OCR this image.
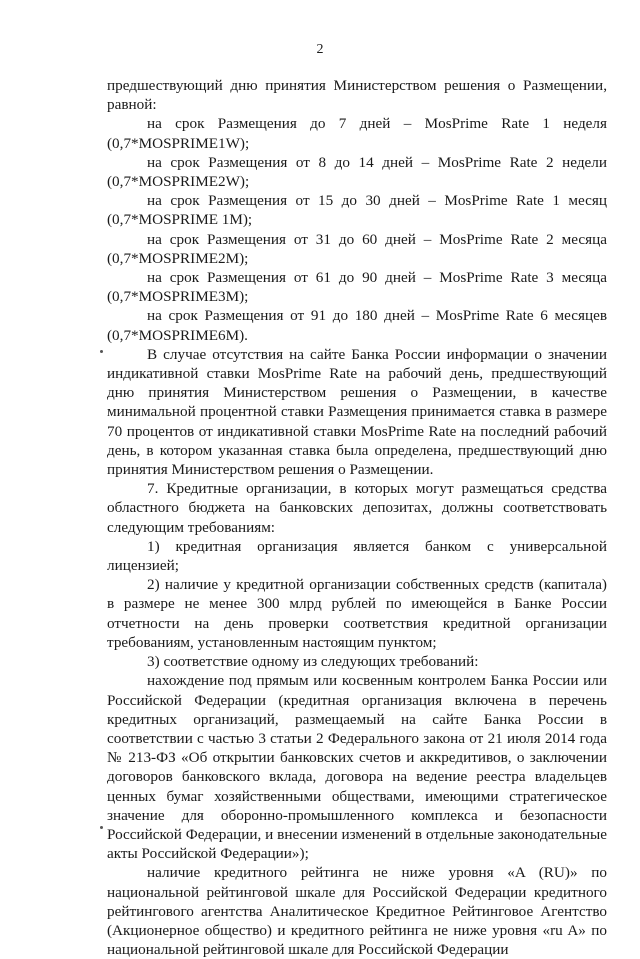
2

предшествующий дню принятия Министерством решения о Размещении, равной:

на срок Размещения до 7 дней – MosPrime Rate 1 неделя (0,7*MOSPRIME1W);

на срок Размещения от 8 до 14 дней – MosPrime Rate 2 недели (0,7*MOSPRIME2W);

на срок Размещения от 15 до 30 дней – MosPrime Rate 1 месяц (0,7*MOSPRIME 1M);

на срок Размещения от 31 до 60 дней – MosPrime Rate 2 месяца (0,7*MOSPRIME2M);

на срок Размещения от 61 до 90 дней – MosPrime Rate 3 месяца (0,7*MOSPRIME3M);

на срок Размещения от 91 до 180 дней – MosPrime Rate 6 месяцев (0,7*MOSPRIME6M).

В случае отсутствия на сайте Банка России информации о значении индикативной ставки MosPrime Rate на рабочий день, предшествующий дню принятия Министерством решения о Размещении, в качестве минимальной процентной ставки Размещения принимается ставка в размере 70 процентов от индикативной ставки MosPrime Rate на последний рабочий день, в котором указанная ставка была определена, предшествующий дню принятия Министерством решения о Размещении.

7. Кредитные организации, в которых могут размещаться средства областного бюджета на банковских депозитах, должны соответствовать следующим требованиям:

1) кредитная организация является банком с универсальной лицензией;

2) наличие у кредитной организации собственных средств (капитала) в размере не менее 300 млрд рублей по имеющейся в Банке России отчетности на день проверки соответствия кредитной организации требованиям, установленным настоящим пунктом;

3) соответствие одному из следующих требований:

нахождение под прямым или косвенным контролем Банка России или Российской Федерации (кредитная организация включена в перечень кредитных организаций, размещаемый на сайте Банка России в соответствии с частью 3 статьи 2 Федерального закона от 21 июля 2014 года № 213-ФЗ «Об открытии банковских счетов и аккредитивов, о заключении договоров банковского вклада, договора на ведение реестра владельцев ценных бумаг хозяйственными обществами, имеющими стратегическое значение для оборонно-промышленного комплекса и безопасности Российской Федерации, и внесении изменений в отдельные законодательные акты Российской Федерации»);

наличие кредитного рейтинга не ниже уровня «A (RU)» по национальной рейтинговой шкале для Российской Федерации кредитного рейтингового агентства Аналитическое Кредитное Рейтинговое Агентство (Акционерное общество) и кредитного рейтинга не ниже уровня «ru A» по национальной рейтинговой шкале для Российской Федерации
